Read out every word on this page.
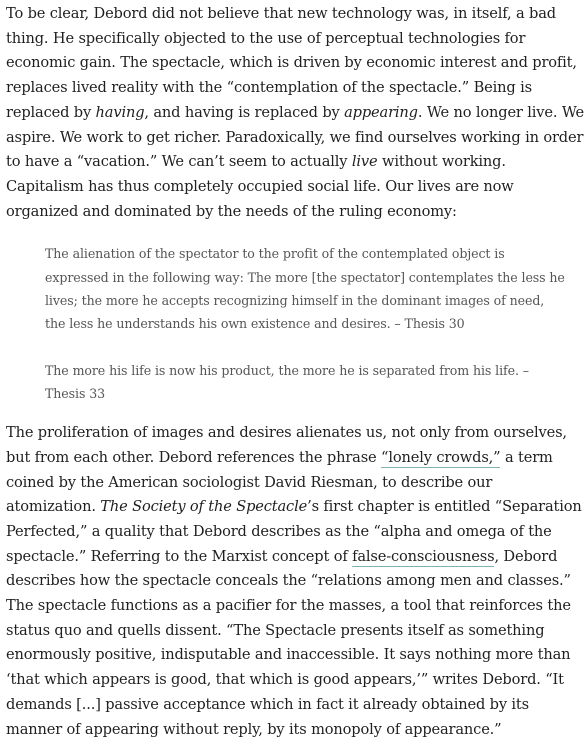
To be clear, Debord did not believe that new technology was, in itself, a bad thing. He specifically objected to the use of perceptual technologies for economic gain. The spectacle, which is driven by economic interest and profit, replaces lived reality with the “contemplation of the spectacle.” Being is replaced by having, and having is replaced by appearing. We no longer live. We aspire. We work to get richer. Paradoxically, we find ourselves working in order to have a “vacation.” We can’t seem to actually live without working. Capitalism has thus completely occupied social life. Our lives are now organized and dominated by the needs of the ruling economy:

The alienation of the spectator to the profit of the contemplated object is expressed in the following way: The more [the spectator] contemplates the less he lives; the more he accepts recognizing himself in the dominant images of need, the less he understands his own existence and desires. – Thesis 30

The more his life is now his product, the more he is separated from his life. – Thesis 33

The proliferation of images and desires alienates us, not only from ourselves, but from each other. Debord references the phrase “lonely crowds,” a term coined by the American sociologist David Riesman, to describe our atomization. The Society of the Spectacle’s first chapter is entitled “Separation Perfected,” a quality that Debord describes as the “alpha and omega of the spectacle.” Referring to the Marxist concept of false-consciousness, Debord describes how the spectacle conceals the “relations among men and classes.” The spectacle functions as a pacifier for the masses, a tool that reinforces the status quo and quells dissent. “The Spectacle presents itself as something enormously positive, indisputable and inaccessible. It says nothing more than ‘that which appears is good, that which is good appears,’” writes Debord. “It demands [...] passive acceptance which in fact it already obtained by its manner of appearing without reply, by its monopoly of appearance.”
